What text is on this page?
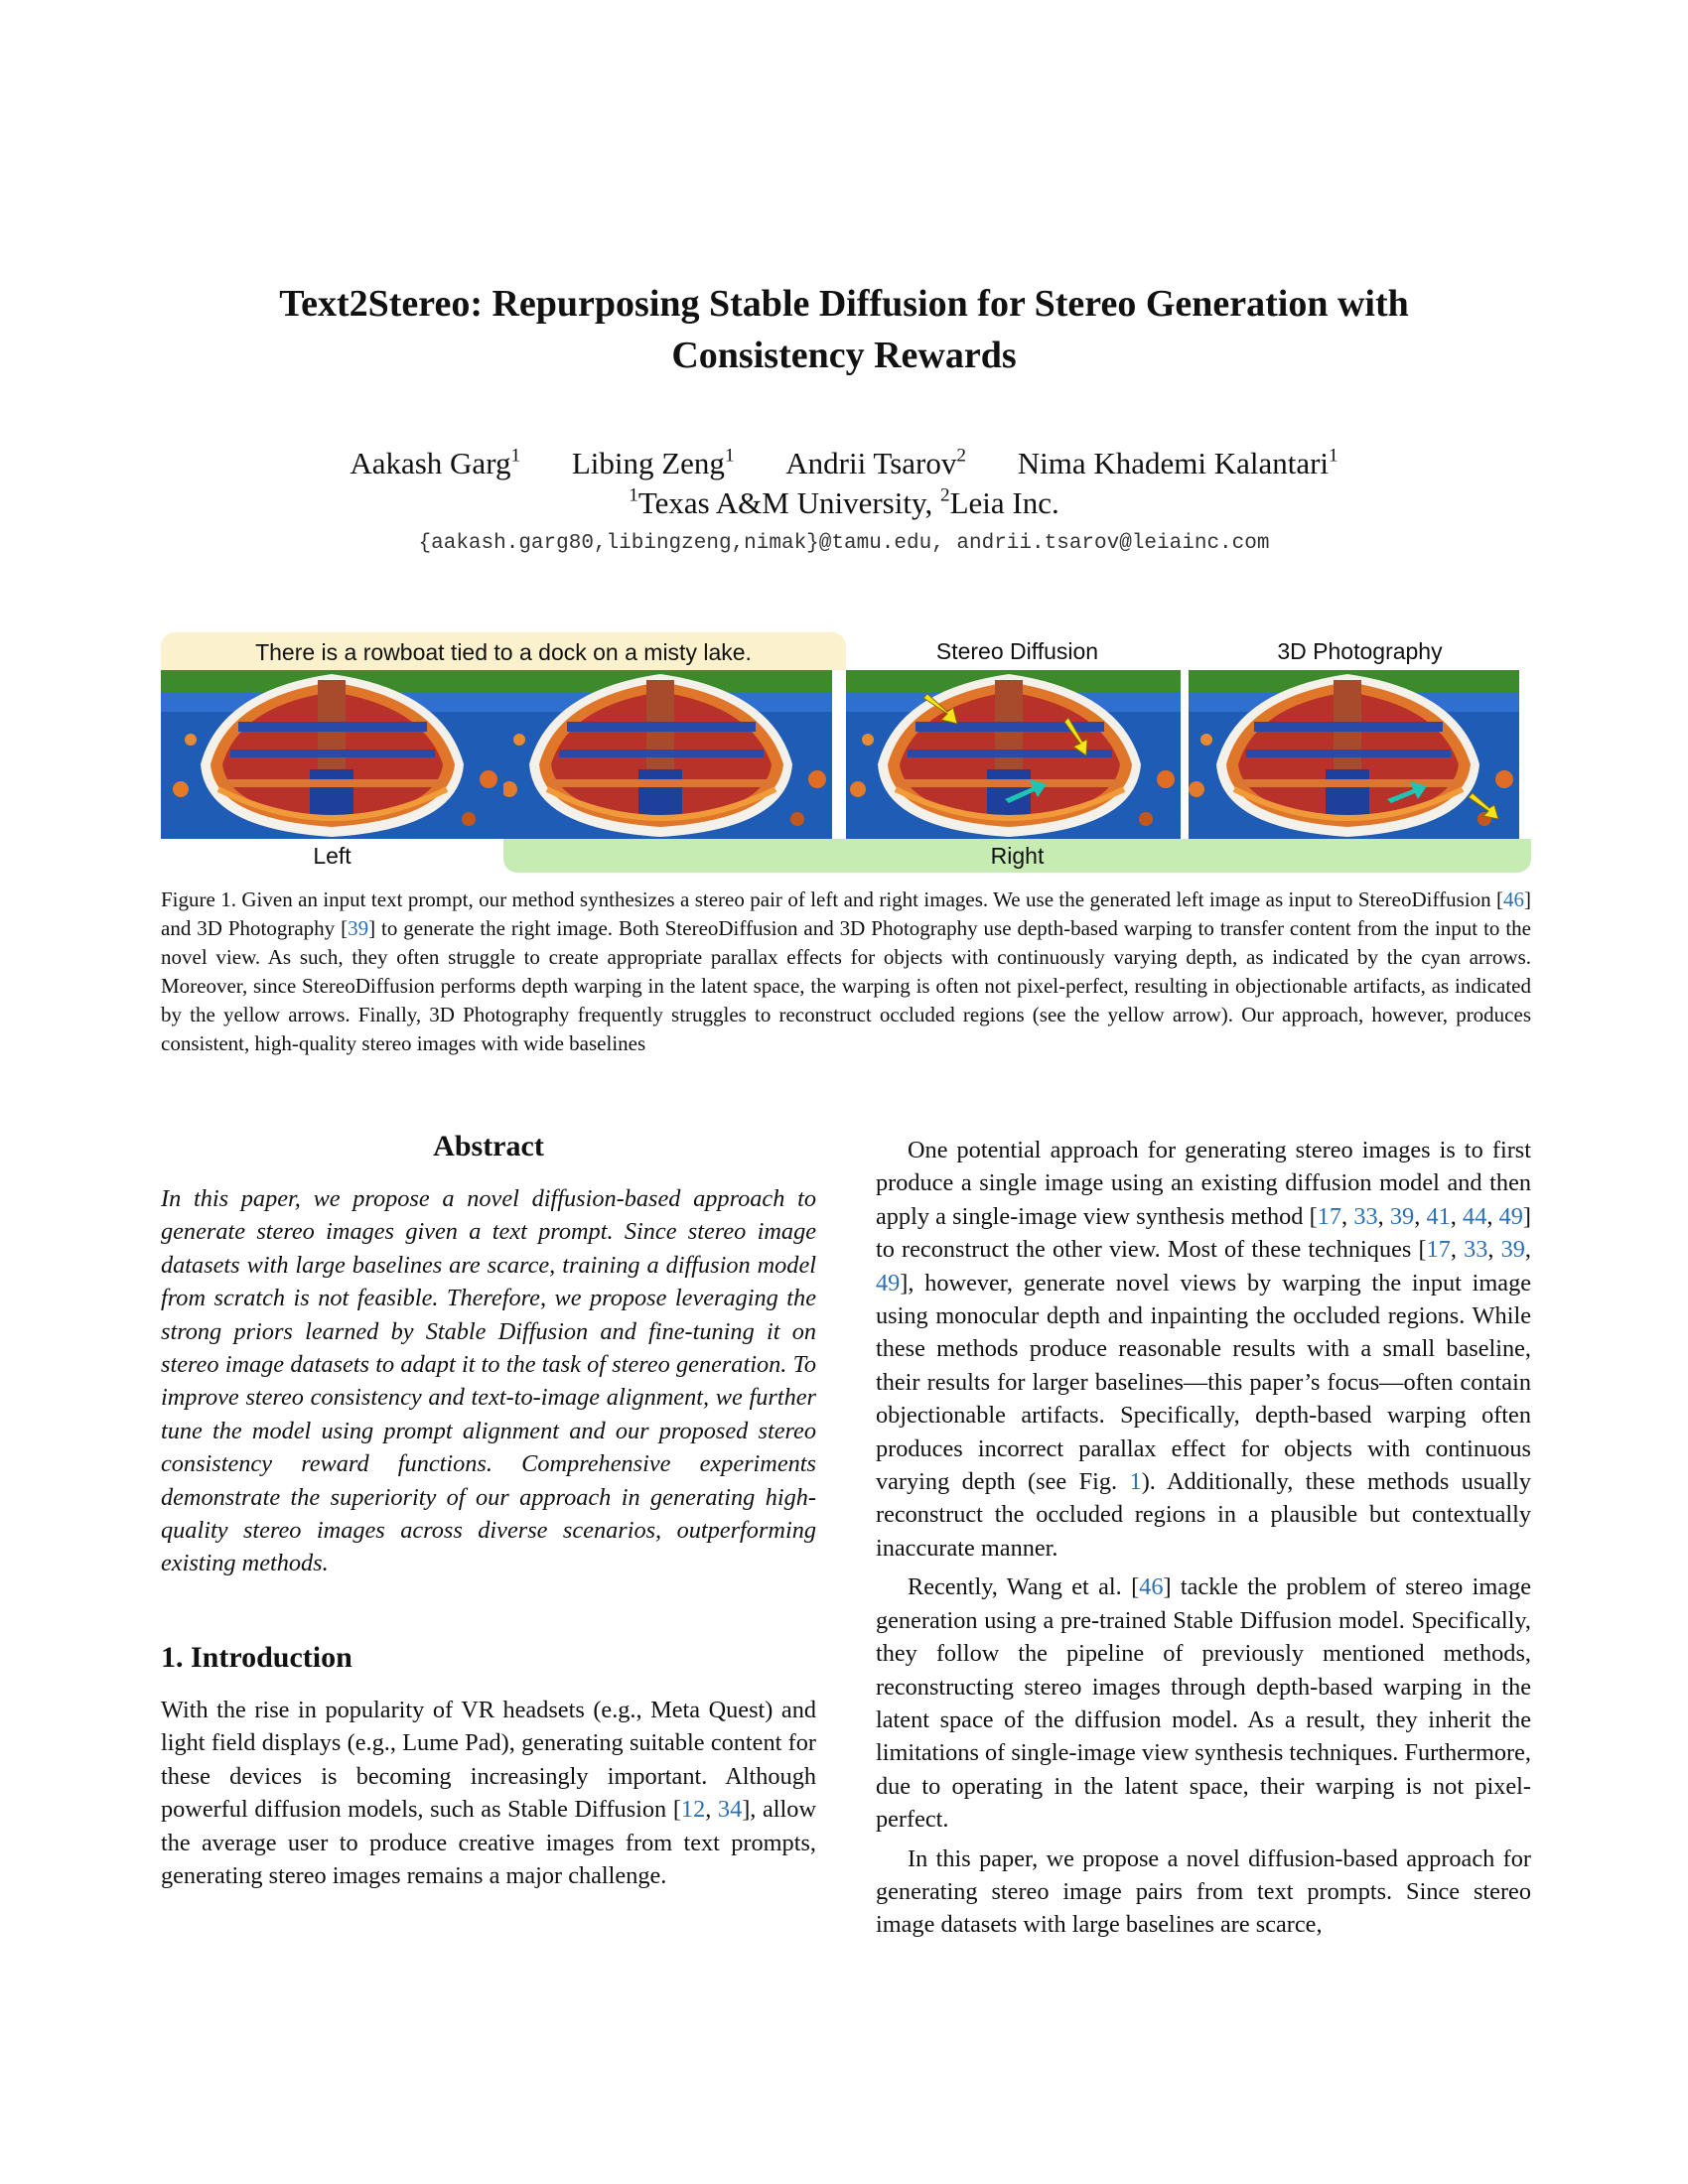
Text2Stereo: Repurposing Stable Diffusion for Stereo Generation with
Consistency Rewards
Aakash Garg$^1$ Libing Zeng$^1$ Andrii Tsarov$^2$ Nima Khademi Kalantari$^1$
$^1$Texas A&M University, $^2$Leia Inc.
{aakash.garg80,libingzeng,nimak}@tamu.edu, andrii.tsarov@leiainc.com
There is a rowboat tied to a dock on a misty lake.	Stereo Diffusion	3D Photography
Left	Right
Figure 1. Given an input text prompt, our method synthesizes a stereo pair of left and right images. We use the generated left image as input to StereoDiffusion [46] and 3D Photography [39] to generate the right image. Both StereoDiffusion and 3D Photography use depth-based warping to transfer content from the input to the novel view. As such, they often struggle to create appropriate parallax effects for objects with continuously varying depth, as indicated by the cyan arrows. Moreover, since StereoDiffusion performs depth warping in the latent space, the warping is often not pixel-perfect, resulting in objectionable artifacts, as indicated by the yellow arrows. Finally, 3D Photography frequently struggles to reconstruct occluded regions (see the yellow arrow). Our approach, however, produces consistent, high-quality stereo images with wide baselines
Abstract
In this paper, we propose a novel diffusion-based approach to generate stereo images given a text prompt. Since stereo image datasets with large baselines are scarce, training a diffusion model from scratch is not feasible. Therefore, we propose leveraging the strong priors learned by Stable Diffusion and fine-tuning it on stereo image datasets to adapt it to the task of stereo generation. To improve stereo consistency and text-to-image alignment, we further tune the model using prompt alignment and our proposed stereo consistency reward functions. Comprehensive experiments demonstrate the superiority of our approach in generating high-quality stereo images across diverse scenarios, outperforming existing methods.
1. Introduction

With the rise in popularity of VR headsets (e.g., Meta Quest) and light field displays (e.g., Lume Pad), generating suitable content for these devices is becoming increasingly important. Although powerful diffusion models, such as Stable Diffusion [12, 34], allow the average user to produce creative images from text prompts, generating stereo images remains a major challenge.

One potential approach for generating stereo images is to first produce a single image using an existing diffusion model and then apply a single-image view synthesis method [17, 33, 39, 41, 44, 49] to reconstruct the other view. Most of these techniques [17, 33, 39, 49], however, generate novel views by warping the input image using monocular depth and inpainting the occluded regions. While these methods produce reasonable results with a small baseline, their results for larger baselines—this paper’s focus—often contain objectionable artifacts. Specifically, depth-based warping often produces incorrect parallax effect for objects with continuous varying depth (see Fig. 1). Additionally, these methods usually reconstruct the occluded regions in a plausible but contextually inaccurate manner.

Recently, Wang et al. [46] tackle the problem of stereo image generation using a pre-trained Stable Diffusion model. Specifically, they follow the pipeline of previously mentioned methods, reconstructing stereo images through depth-based warping in the latent space of the diffusion model. As a result, they inherit the limitations of single-image view synthesis techniques. Furthermore, due to operating in the latent space, their warping is not pixel-perfect.

In this paper, we propose a novel diffusion-based approach for generating stereo image pairs from text prompts. Since stereo image datasets with large baselines are scarce,
